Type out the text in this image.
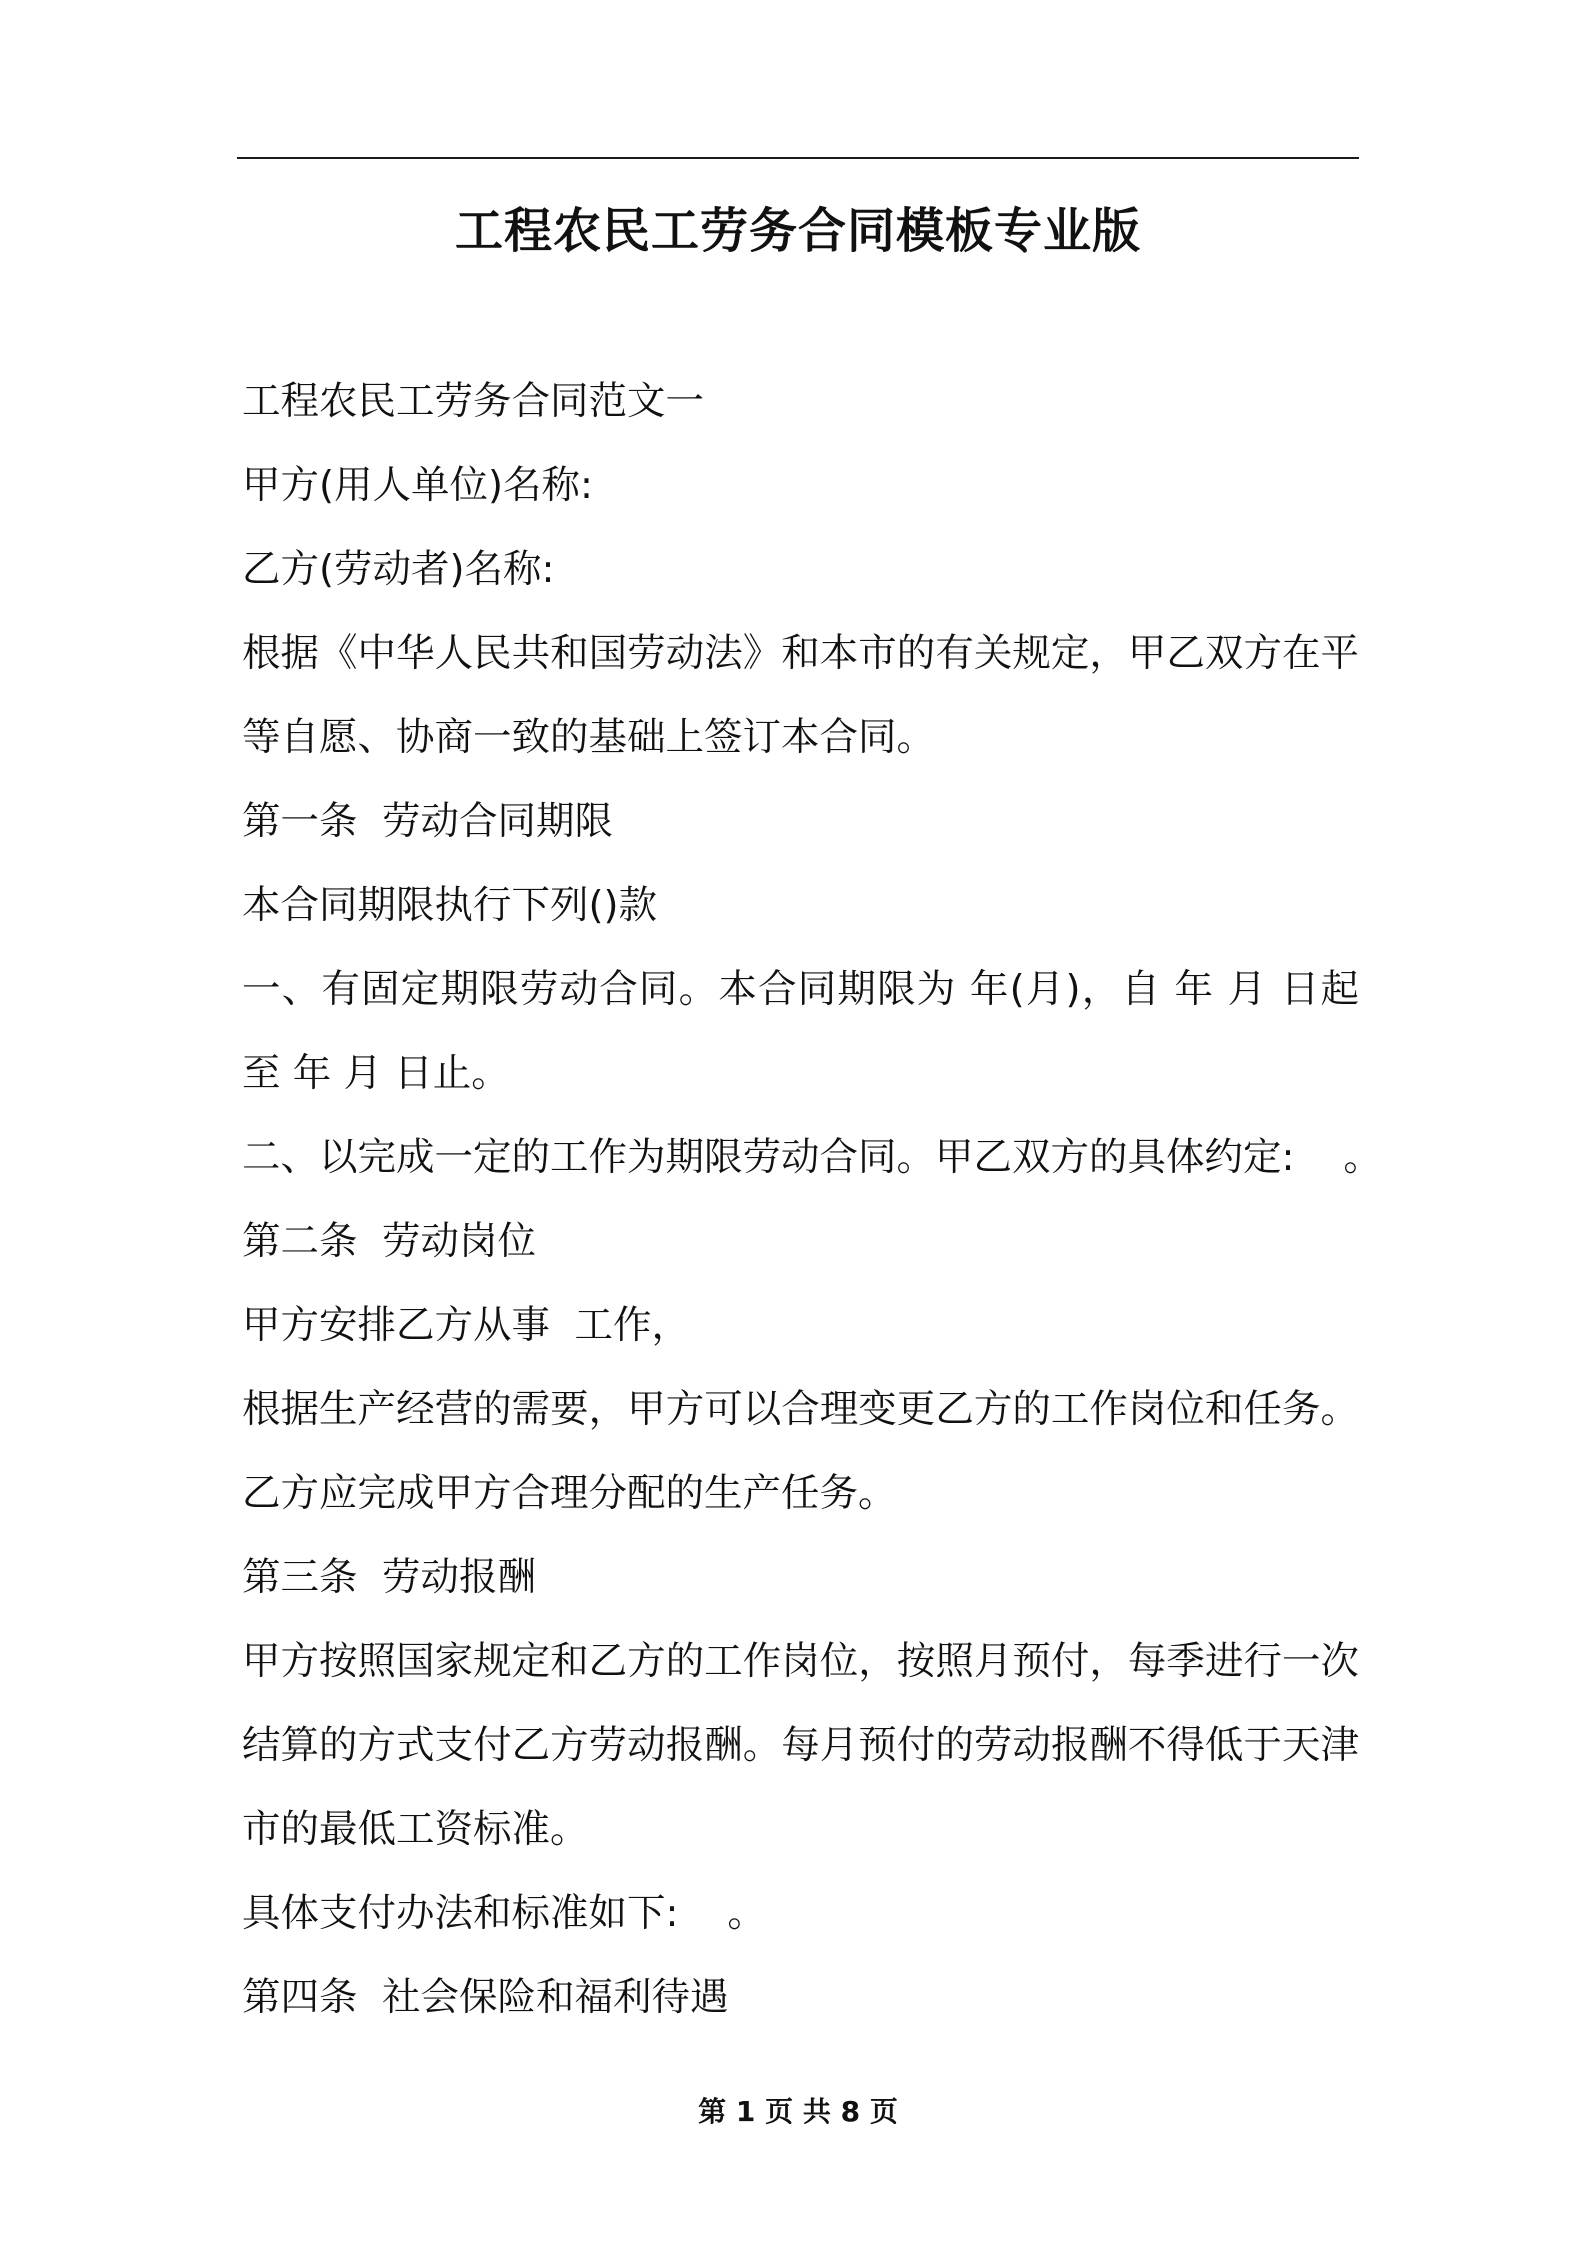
工程农民工劳务合同模板专业版

工程农民工劳务合同范文一

甲方(用人单位)名称:

乙方(劳动者)名称:

根据《中华人民共和国劳动法》和本市的有关规定，甲乙双方在平等自愿、协商一致的基础上签订本合同。

第一条  劳动合同期限

本合同期限执行下列()款

一、有固定期限劳动合同。本合同期限为 年(月)，自 年 月 日起至 年 月 日止。

二、以完成一定的工作为期限劳动合同。甲乙双方的具体约定:    。

第二条  劳动岗位

甲方安排乙方从事  工作，

根据生产经营的需要，甲方可以合理变更乙方的工作岗位和任务。乙方应完成甲方合理分配的生产任务。

第三条  劳动报酬

甲方按照国家规定和乙方的工作岗位，按照月预付，每季进行一次结算的方式支付乙方劳动报酬。每月预付的劳动报酬不得低于天津市的最低工资标准。

具体支付办法和标准如下:    。

第四条  社会保险和福利待遇

第 1 页 共 8 页
